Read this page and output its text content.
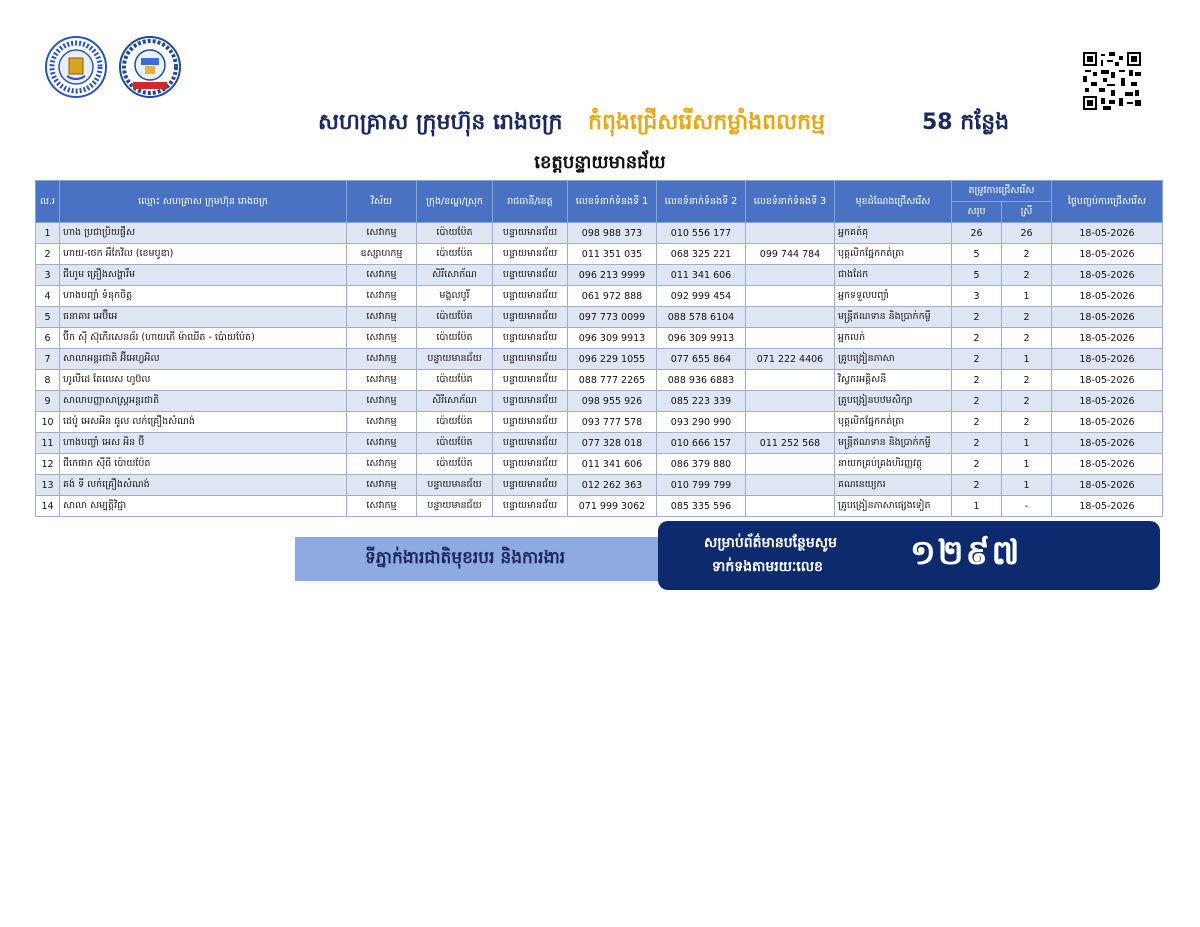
សហគ្រាស ក្រុមហ៊ុន រោងចក្រ កំពុងជ្រើសរើសកម្លាំងពលកម្ម	58 កន្លែង
ខេត្តបន្ទាយមានជ័យ
ល.រ	ឈ្មោះ សហគ្រាស ក្រុមហ៊ុន រោងចក្រ	វិស័យ	ក្រុង/ខណ្ឌ/ស្រុក	រាជធានី/ខេត្ត	លេខទំនាក់ទំនងទី 1	លេខទំនាក់ទំនងទី 2	លេខទំនាក់ទំនងទី 3	មុខដំណែងជ្រើសរើស	តម្រូវការជ្រើសរើស		ថ្ងៃបញ្ចប់ការជ្រើសរើស
									សរុប	ស្រី	
1	ហាង ប្រជាប្រិយផ្លឹស	សេវាកម្ម	ប៉ោយប៉ែត	បន្ទាយមានជ័យ	098 988 373	010 556 177		អ្នកគត់គុ	26	26	18-05-2026
2	ហាយ-ថេក អឹភែវិល (ខេមបូឌា)	ឧស្សាហកម្ម	ប៉ោយប៉ែត	បន្ទាយមានជ័យ	011 351 035	068 325 221	099 744 784	បុគ្គលិកផ្នែកកត់ត្រា	5	2	18-05-2026
3	ជីហូម គ្រឿងសង្ហារឹម	សេវាកម្ម	សិរីសោភ័ណ	បន្ទាយមានជ័យ	096 213 9999	011 341 606		ជាងដែក	5	2	18-05-2026
4	ហាងបញ្ចាំ ទំនុកចិត្ត	សេវាកម្ម	មង្គលបូរី	បន្ទាយមានជ័យ	061 972 888	092 999 454		អ្នកទទួលបញ្ចាំ	3	1	18-05-2026
5	ធនាគារ អេប៊ីអេ	សេវាកម្ម	ប៉ោយប៉ែត	បន្ទាយមានជ័យ	097 773 0099	088 578 6104		មន្ត្រីឥណទាន និងប្រាក់កម្ចី	2	2	18-05-2026
6	ប៊ីក ស៊ី ស៊ុភើរសេនធ័រ (ហាយភើ ម៉ាឃើត - ប៉ោយប៉ែត)	សេវាកម្ម	ប៉ោយប៉ែត	បន្ទាយមានជ័យ	096 309 9913	096 309 9913		អ្នកលក់	2	2	18-05-2026
7	សាលាអន្តរជាតិ អ៊ីអេហ្វអិល	សេវាកម្ម	បន្ទាយមានជ័យ	បន្ទាយមានជ័យ	096 229 1055	077 655 864	071 222 4406	គ្រូបង្រៀនភាសា	2	1	18-05-2026
8	ហូលីដេ តែលេស ហូប៊ល	សេវាកម្ម	ប៉ោយប៉ែត	បន្ទាយមានជ័យ	088 777 2265	088 936 6883		វិស្វករអគ្គិសនី	2	2	18-05-2026
9	សាលាបញ្ញាសាស្ត្រអន្តរជាតិ	សេវាកម្ម	សិរីសោភ័ណ	បន្ទាយមានជ័យ	098 955 926	085 223 339		គ្រូបង្រៀនបឋមសិក្សា	2	2	18-05-2026
10	ដេប៉ូ អេសអិន ធូល លក់គ្រឿងសំណង់	សេវាកម្ម	ប៉ោយប៉ែត	បន្ទាយមានជ័យ	093 777 578	093 290 990		បុគ្គលិកផ្នែកកត់ត្រា	2	2	18-05-2026
11	ហាងបញ្ចាំ អេស អិន ប៊ី	សេវាកម្ម	ប៉ោយប៉ែត	បន្ទាយមានជ័យ	077 328 018	010 666 157	011 252 568	មន្ត្រីឥណទាន និងប្រាក់កម្ចី	2	1	18-05-2026
12	ជីកេផាក ស៊ីធី ប៉ោយប៉ែត	សេវាកម្ម	ប៉ោយប៉ែត	បន្ទាយមានជ័យ	011 341 606	086 379 880		នាយកគ្រប់គ្រងហិរញ្ញវត្ថុ	2	1	18-05-2026
13	គង់ ទី លក់គ្រឿងសំណង់	សេវាកម្ម	បន្ទាយមានជ័យ	បន្ទាយមានជ័យ	012 262 363	010 799 799		គណនេយ្យករ	2	1	18-05-2026
14	សាលា សម្បត្តិវិជ្ជា	សេវាកម្ម	បន្ទាយមានជ័យ	បន្ទាយមានជ័យ	071 999 3062	085 335 596		គ្រូបង្រៀនភាសាផ្សេងទៀត	1	-	18-05-2026
ទីភ្នាក់ងារជាតិមុខរបរ និងការងារ
សម្រាប់ព័ត៌មានបន្ថែមសូម
ទាក់ទងតាមរយៈលេខ	១២៩៧
